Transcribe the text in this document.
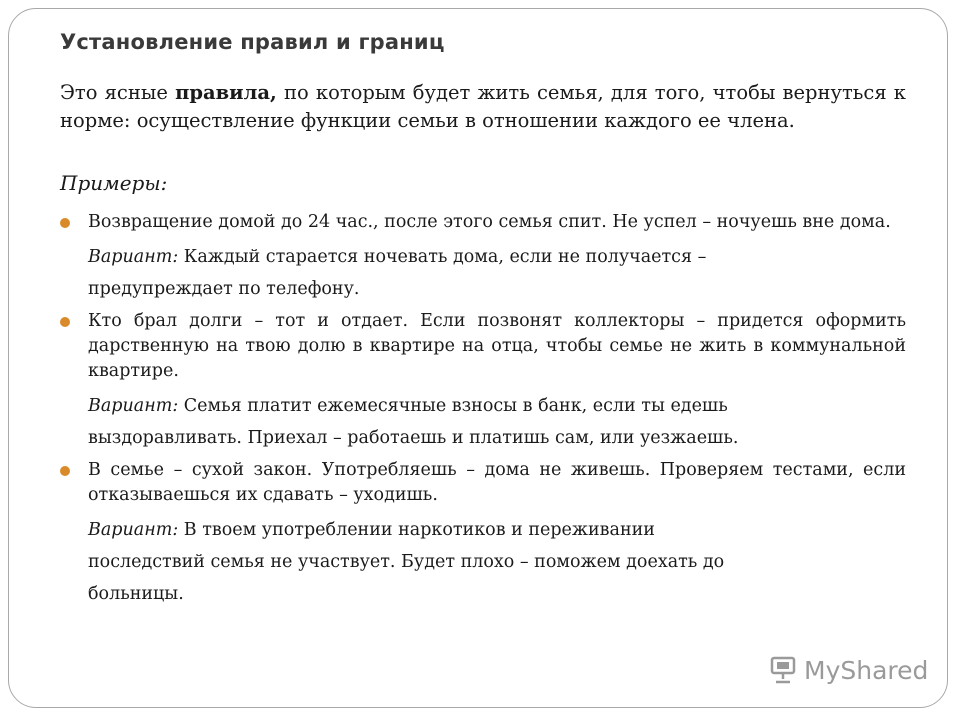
Установление правил и границ

Это ясные правила, по которым будет жить семья, для того, чтобы вернуться к норме: осуществление функции семьи в отношении каждого ее члена.

Примеры:
Возвращение домой до 24 час., после этого семья спит. Не успел – ночуешь вне дома.
Вариант: Каждый старается ночевать дома, если не получается –
предупреждает по телефону.
Кто брал долги – тот и отдает. Если позвонят коллекторы – придется оформить дарственную на твою долю в квартире на отца, чтобы семье не жить в коммунальной квартире.
Вариант: Семья платит ежемесячные взносы в банк, если ты едешь
выздоравливать. Приехал – работаешь и платишь сам, или уезжаешь.
В семье – сухой закон. Употребляешь – дома не живешь. Проверяем тестами, если отказываешься их сдавать – уходишь.
Вариант: В твоем употреблении наркотиков и переживании
последствий семья не участвует. Будет плохо – поможем доехать до
больницы.
MyShared
